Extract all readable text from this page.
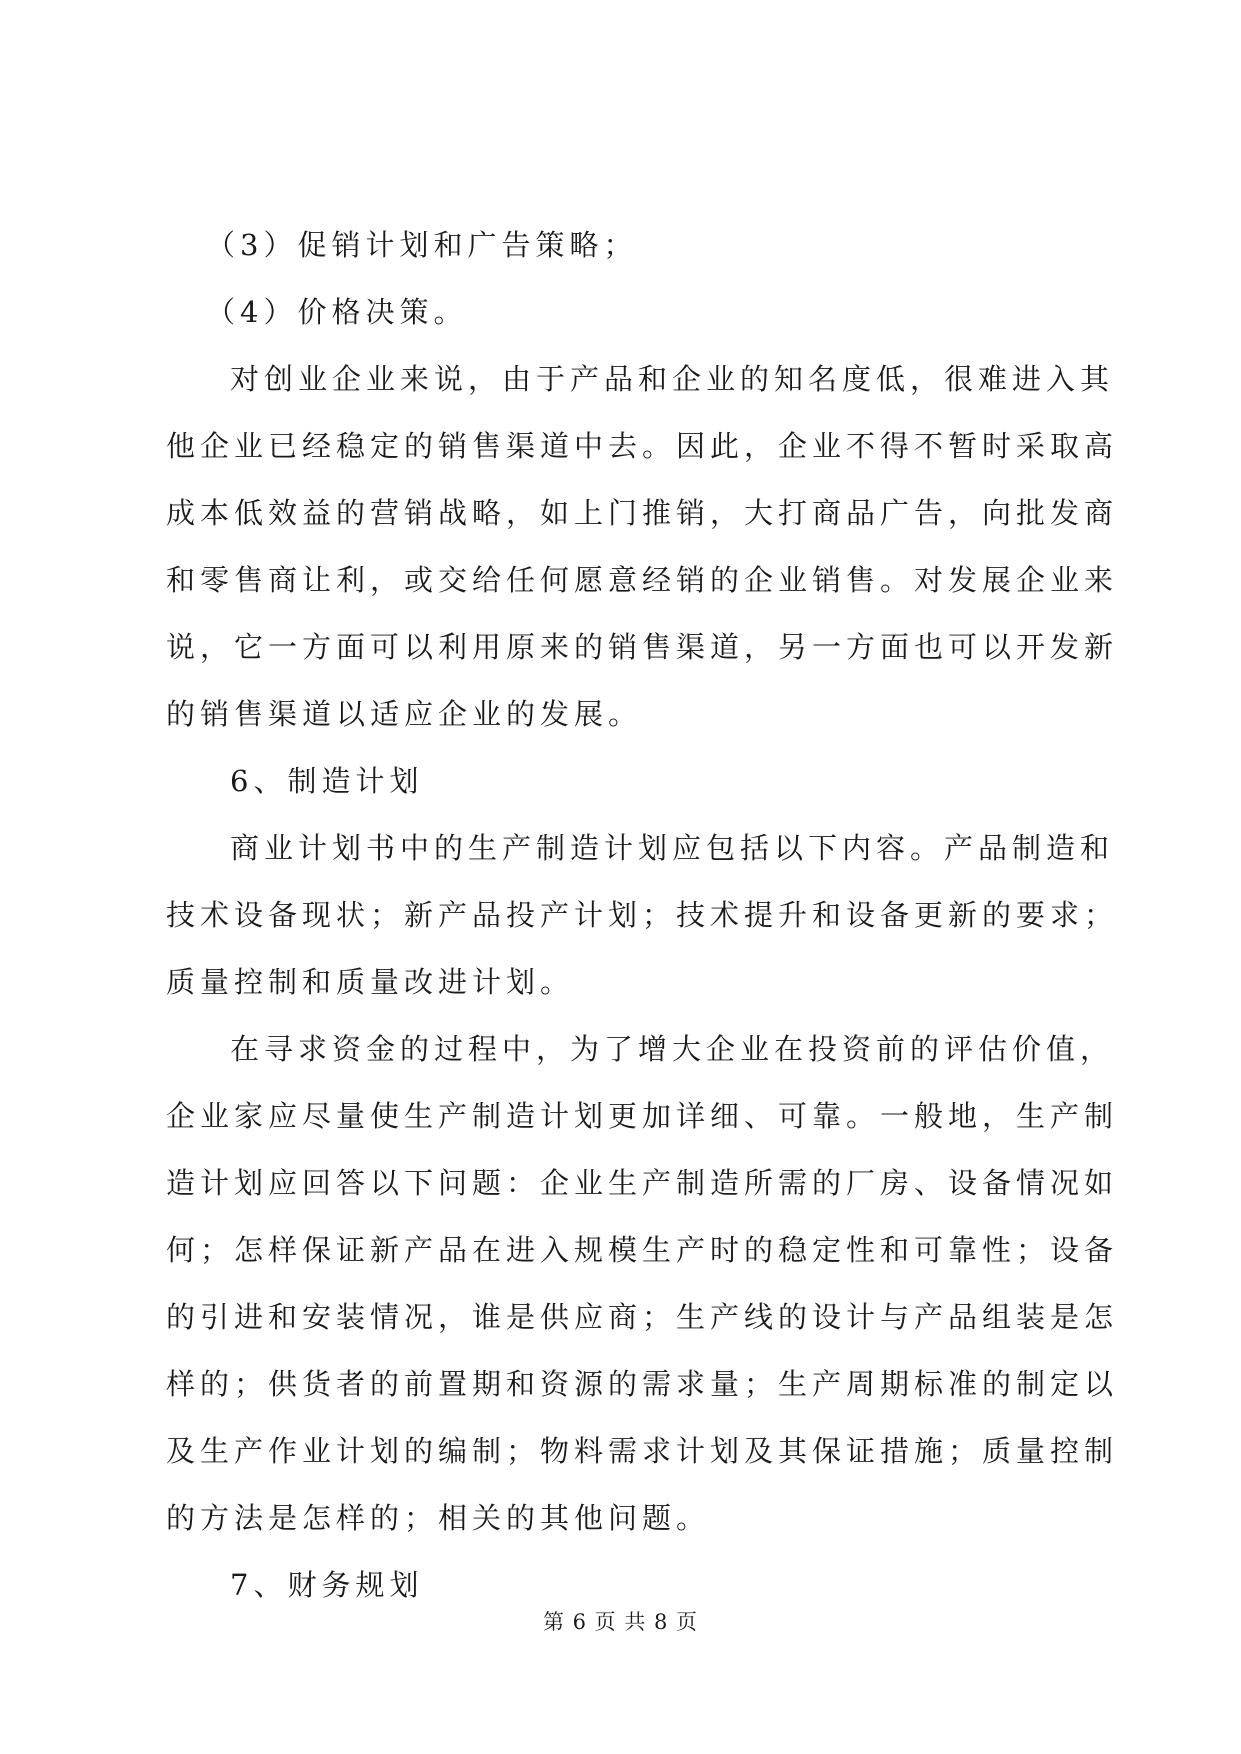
（3）促销计划和广告策略；
（4）价格决策。
对创业企业来说，由于产品和企业的知名度低，很难进入其
他企业已经稳定的销售渠道中去。因此，企业不得不暂时采取高
成本低效益的营销战略，如上门推销，大打商品广告，向批发商
和零售商让利，或交给任何愿意经销的企业销售。对发展企业来
说，它一方面可以利用原来的销售渠道，另一方面也可以开发新
的销售渠道以适应企业的发展。
6、制造计划
商业计划书中的生产制造计划应包括以下内容。产品制造和
技术设备现状；新产品投产计划；技术提升和设备更新的要求；
质量控制和质量改进计划。
在寻求资金的过程中，为了增大企业在投资前的评估价值，
企业家应尽量使生产制造计划更加详细、可靠。一般地，生产制
造计划应回答以下问题：企业生产制造所需的厂房、设备情况如
何；怎样保证新产品在进入规模生产时的稳定性和可靠性；设备
的引进和安装情况，谁是供应商；生产线的设计与产品组装是怎
样的；供货者的前置期和资源的需求量；生产周期标准的制定以
及生产作业计划的编制；物料需求计划及其保证措施；质量控制
的方法是怎样的；相关的其他问题。
7、财务规划
第 6 页 共 8 页
